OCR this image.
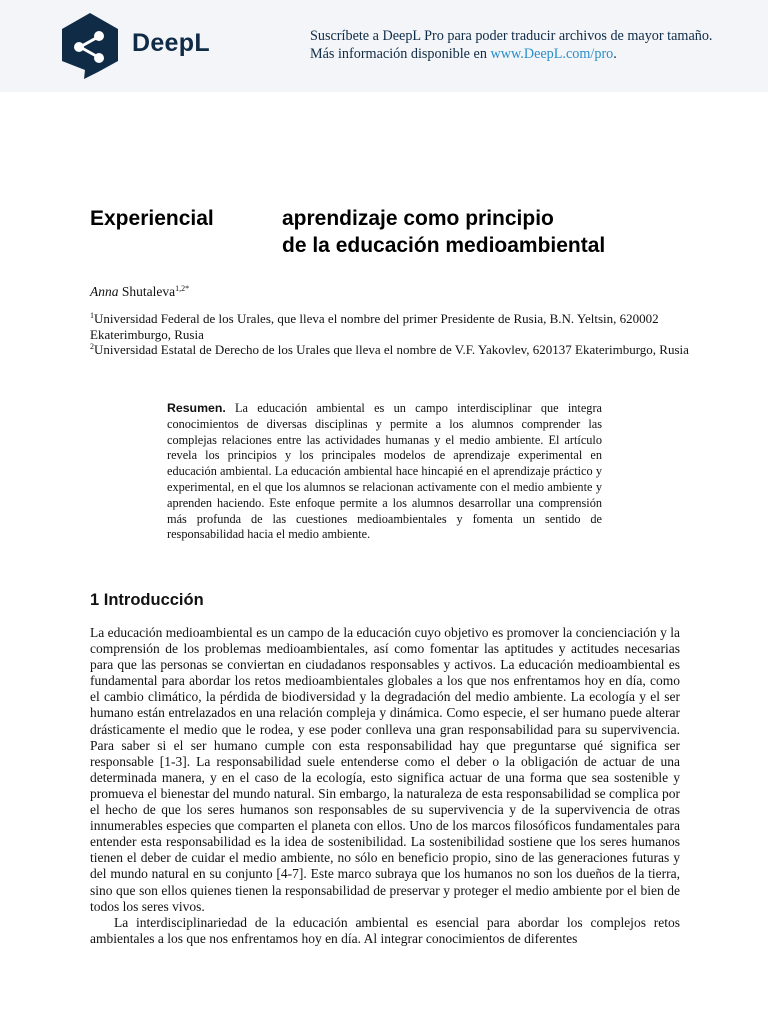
DeepL	Suscríbete a DeepL Pro para poder traducir archivos de mayor tamaño.
Más información disponible en www.DeepL.com/pro.
Experiencial	aprendizaje como principio
de la educación medioambiental
Anna Shutaleva$^{1,2*}$
$^1$Universidad Federal de los Urales, que lleva el nombre del primer Presidente de Rusia, B.N. Yeltsin, 620002 Ekaterimburgo, Rusia
$^2$Universidad Estatal de Derecho de los Urales que lleva el nombre de V.F. Yakovlev, 620137 Ekaterimburgo, Rusia
Resumen. La educación ambiental es un campo interdisciplinar que integra conocimientos de diversas disciplinas y permite a los alumnos comprender las complejas relaciones entre las actividades humanas y el medio ambiente. El artículo revela los principios y los principales modelos de aprendizaje experimental en educación ambiental. La educación ambiental hace hincapié en el aprendizaje práctico y experimental, en el que los alumnos se relacionan activamente con el medio ambiente y aprenden haciendo. Este enfoque permite a los alumnos desarrollar una comprensión más profunda de las cuestiones medioambientales y fomenta un sentido de responsabilidad hacia el medio ambiente.
1 Introducción

La educación medioambiental es un campo de la educación cuyo objetivo es promover la concienciación y la comprensión de los problemas medioambientales, así como fomentar las aptitudes y actitudes necesarias para que las personas se conviertan en ciudadanos responsables y activos. La educación medioambiental es fundamental para abordar los retos medioambientales globales a los que nos enfrentamos hoy en día, como el cambio climático, la pérdida de biodiversidad y la degradación del medio ambiente. La ecología y el ser humano están entrelazados en una relación compleja y dinámica. Como especie, el ser humano puede alterar drásticamente el medio que le rodea, y ese poder conlleva una gran responsabilidad para su supervivencia. Para saber si el ser humano cumple con esta responsabilidad hay que preguntarse qué significa ser responsable [1-3]. La responsabilidad suele entenderse como el deber o la obligación de actuar de una determinada manera, y en el caso de la ecología, esto significa actuar de una forma que sea sostenible y promueva el bienestar del mundo natural. Sin embargo, la naturaleza de esta responsabilidad se complica por el hecho de que los seres humanos son responsables de su supervivencia y de la supervivencia de otras innumerables especies que comparten el planeta con ellos. Uno de los marcos filosóficos fundamentales para entender esta responsabilidad es la idea de sostenibilidad. La sostenibilidad sostiene que los seres humanos tienen el deber de cuidar el medio ambiente, no sólo en beneficio propio, sino de las generaciones futuras y del mundo natural en su conjunto [4-7]. Este marco subraya que los humanos no son los dueños de la tierra, sino que son ellos quienes tienen la responsabilidad de preservar y proteger el medio ambiente por el bien de todos los seres vivos.

La interdisciplinariedad de la educación ambiental es esencial para abordar los complejos retos ambientales a los que nos enfrentamos hoy en día. Al integrar conocimientos de diferentes
